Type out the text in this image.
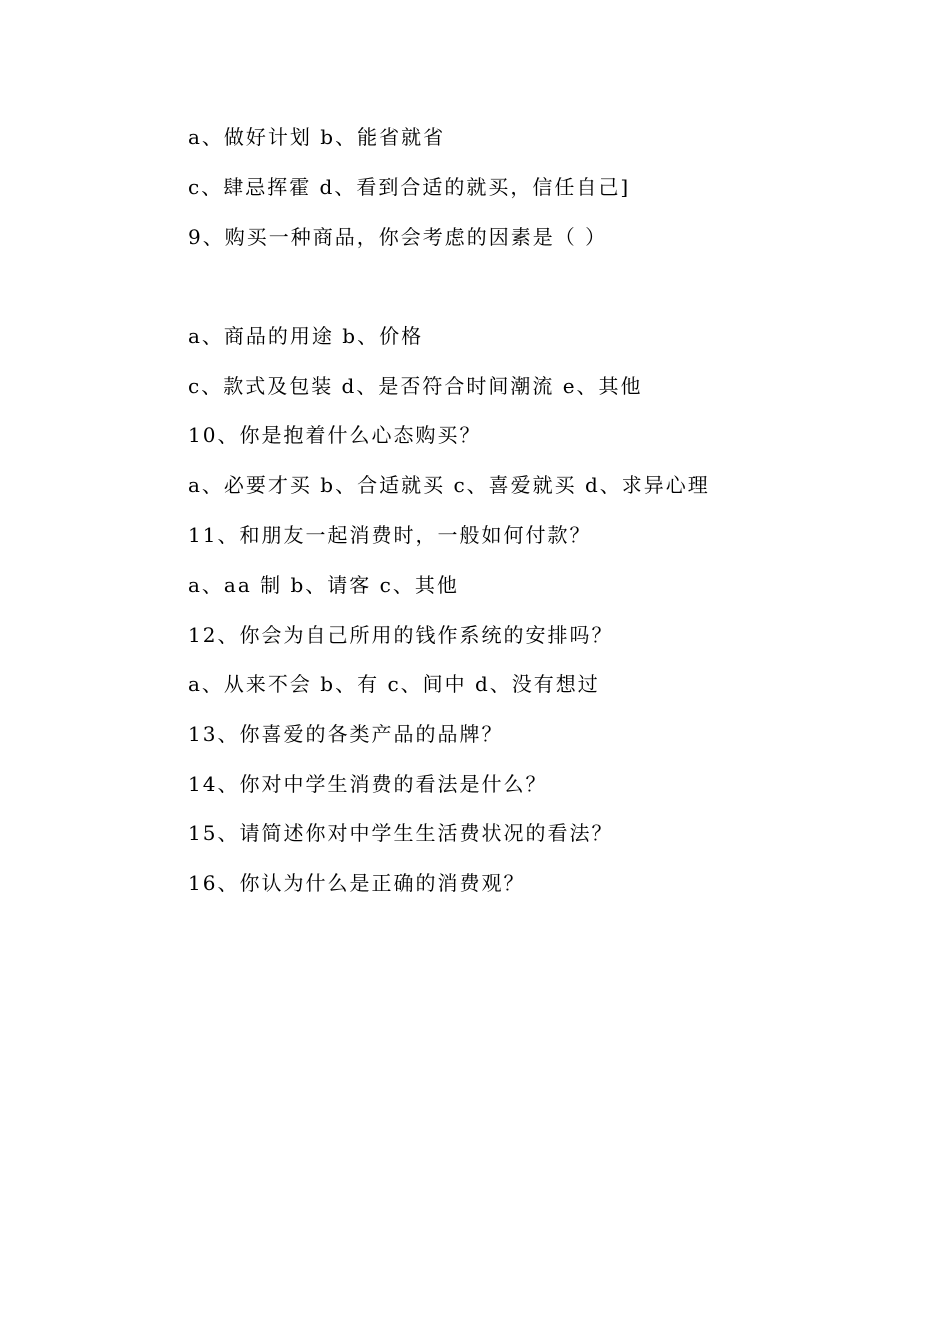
a、做好计划 b、能省就省
c、肆忌挥霍 d、看到合适的就买，信任自己]
9、购买一种商品，你会考虑的因素是（ ）
a、商品的用途 b、价格
c、款式及包装 d、是否符合时间潮流 e、其他
10、你是抱着什么心态购买？
a、必要才买 b、合适就买 c、喜爱就买 d、求异心理
11、和朋友一起消费时，一般如何付款？
a、aa 制 b、请客 c、其他
12、你会为自己所用的钱作系统的安排吗？
a、从来不会 b、有 c、间中 d、没有想过
13、你喜爱的各类产品的品牌？
14、你对中学生消费的看法是什么？
15、请简述你对中学生生活费状况的看法？
16、你认为什么是正确的消费观？
